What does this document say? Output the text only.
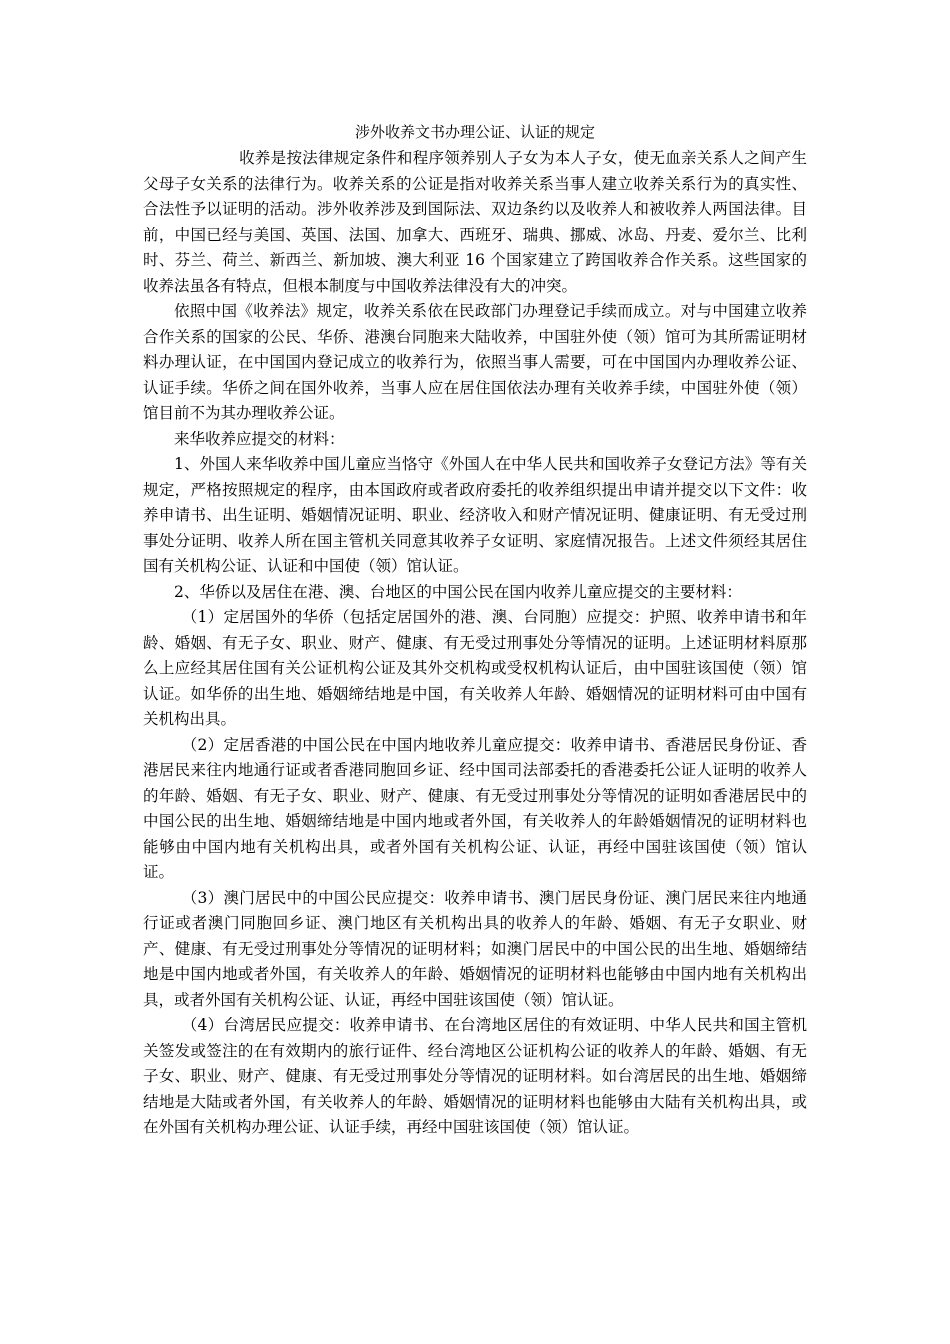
涉外收养文书办理公证、认证的规定

收养是按法律规定条件和程序领养别人子女为本人子女，使无血亲关系人之间产生父母子女关系的法律行为。收养关系的公证是指对收养关系当事人建立收养关系行为的真实性、合法性予以证明的活动。涉外收养涉及到国际法、双边条约以及收养人和被收养人两国法律。目前，中国已经与美国、英国、法国、加拿大、西班牙、瑞典、挪威、冰岛、丹麦、爱尔兰、比利时、芬兰、荷兰、新西兰、新加坡、澳大利亚 16 个国家建立了跨国收养合作关系。这些国家的收养法虽各有特点，但根本制度与中国收养法律没有大的冲突。

依照中国《收养法》规定，收养关系依在民政部门办理登记手续而成立。对与中国建立收养合作关系的国家的公民、华侨、港澳台同胞来大陆收养，中国驻外使（领）馆可为其所需证明材料办理认证，在中国国内登记成立的收养行为，依照当事人需要，可在中国国内办理收养公证、认证手续。华侨之间在国外收养，当事人应在居住国依法办理有关收养手续，中国驻外使（领）馆目前不为其办理收养公证。

来华收养应提交的材料：

1、外国人来华收养中国儿童应当恪守《外国人在中华人民共和国收养子女登记方法》等有关规定，严格按照规定的程序，由本国政府或者政府委托的收养组织提出申请并提交以下文件：收养申请书、出生证明、婚姻情况证明、职业、经济收入和财产情况证明、健康证明、有无受过刑事处分证明、收养人所在国主管机关同意其收养子女证明、家庭情况报告。上述文件须经其居住国有关机构公证、认证和中国使（领）馆认证。

2、华侨以及居住在港、澳、台地区的中国公民在国内收养儿童应提交的主要材料：

（1）定居国外的华侨（包括定居国外的港、澳、台同胞）应提交：护照、收养申请书和年龄、婚姻、有无子女、职业、财产、健康、有无受过刑事处分等情况的证明。上述证明材料原那么上应经其居住国有关公证机构公证及其外交机构或受权机构认证后，由中国驻该国使（领）馆认证。如华侨的出生地、婚姻缔结地是中国，有关收养人年龄、婚姻情况的证明材料可由中国有关机构出具。

（2）定居香港的中国公民在中国内地收养儿童应提交：收养申请书、香港居民身份证、香港居民来往内地通行证或者香港同胞回乡证、经中国司法部委托的香港委托公证人证明的收养人的年龄、婚姻、有无子女、职业、财产、健康、有无受过刑事处分等情况的证明如香港居民中的中国公民的出生地、婚姻缔结地是中国内地或者外国，有关收养人的年龄婚姻情况的证明材料也能够由中国内地有关机构出具，或者外国有关机构公证、认证，再经中国驻该国使（领）馆认证。

（3）澳门居民中的中国公民应提交：收养申请书、澳门居民身份证、澳门居民来往内地通行证或者澳门同胞回乡证、澳门地区有关机构出具的收养人的年龄、婚姻、有无子女职业、财产、健康、有无受过刑事处分等情况的证明材料；如澳门居民中的中国公民的出生地、婚姻缔结地是中国内地或者外国，有关收养人的年龄、婚姻情况的证明材料也能够由中国内地有关机构出具，或者外国有关机构公证、认证，再经中国驻该国使（领）馆认证。

（4）台湾居民应提交：收养申请书、在台湾地区居住的有效证明、中华人民共和国主管机关签发或签注的在有效期内的旅行证件、经台湾地区公证机构公证的收养人的年龄、婚姻、有无子女、职业、财产、健康、有无受过刑事处分等情况的证明材料。如台湾居民的出生地、婚姻缔结地是大陆或者外国，有关收养人的年龄、婚姻情况的证明材料也能够由大陆有关机构出具，或在外国有关机构办理公证、认证手续，再经中国驻该国使（领）馆认证。
